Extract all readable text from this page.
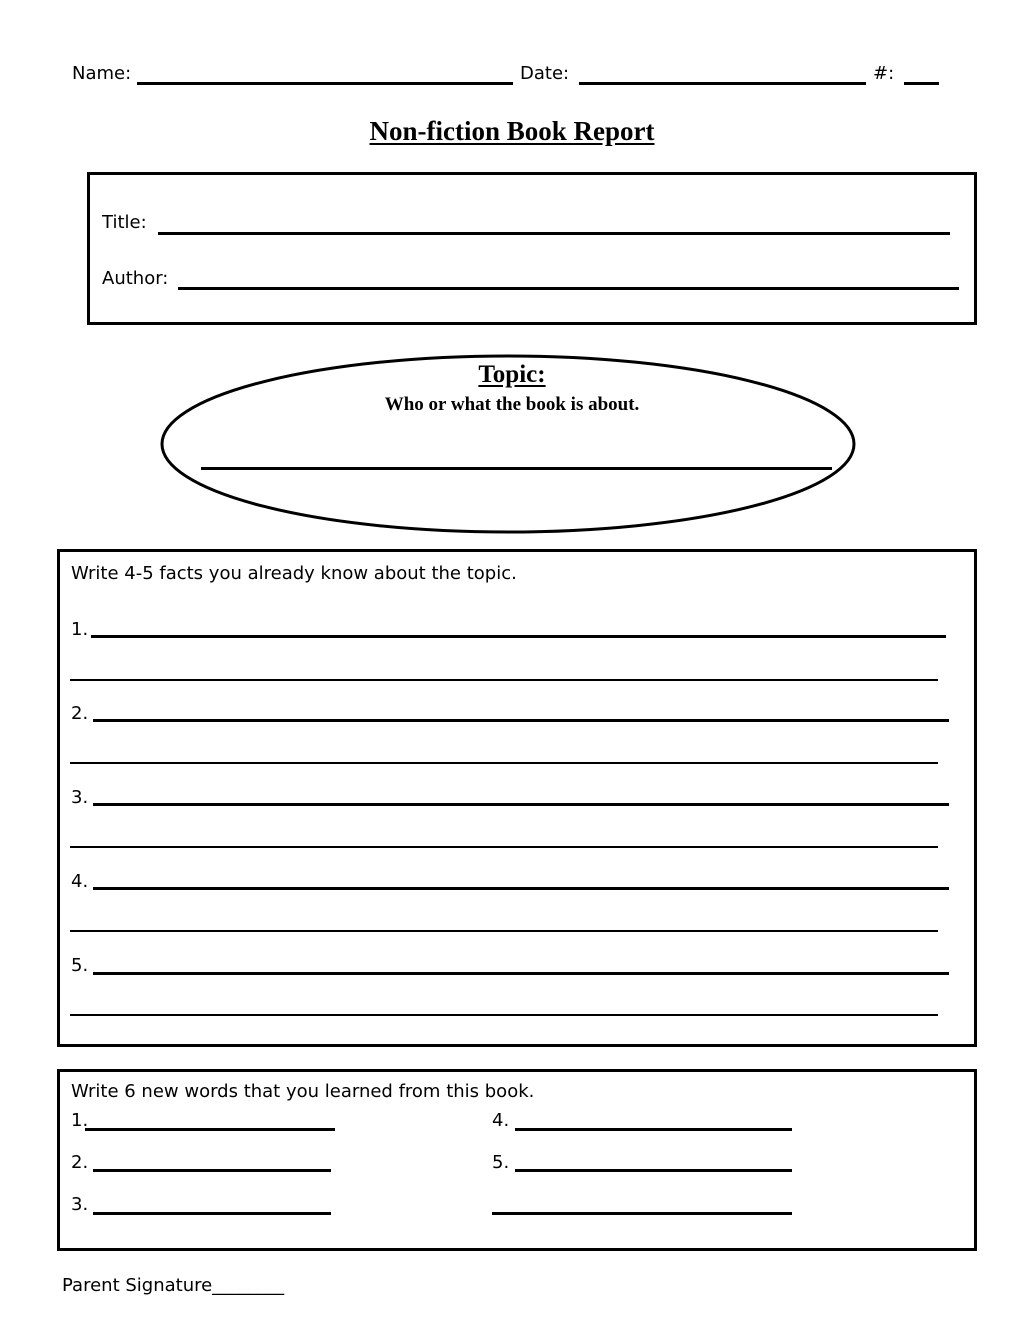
Name:	Date:	#:
Non-fiction Book Report
Title:
Author:
Topic:
Who or what the book is about.
Write 4-5 facts you already know about the topic.
1.
2.
3.
4.
5.
Write 6 new words that you learned from this book.
1.
2.
3.
4.
5.
Parent Signature________
